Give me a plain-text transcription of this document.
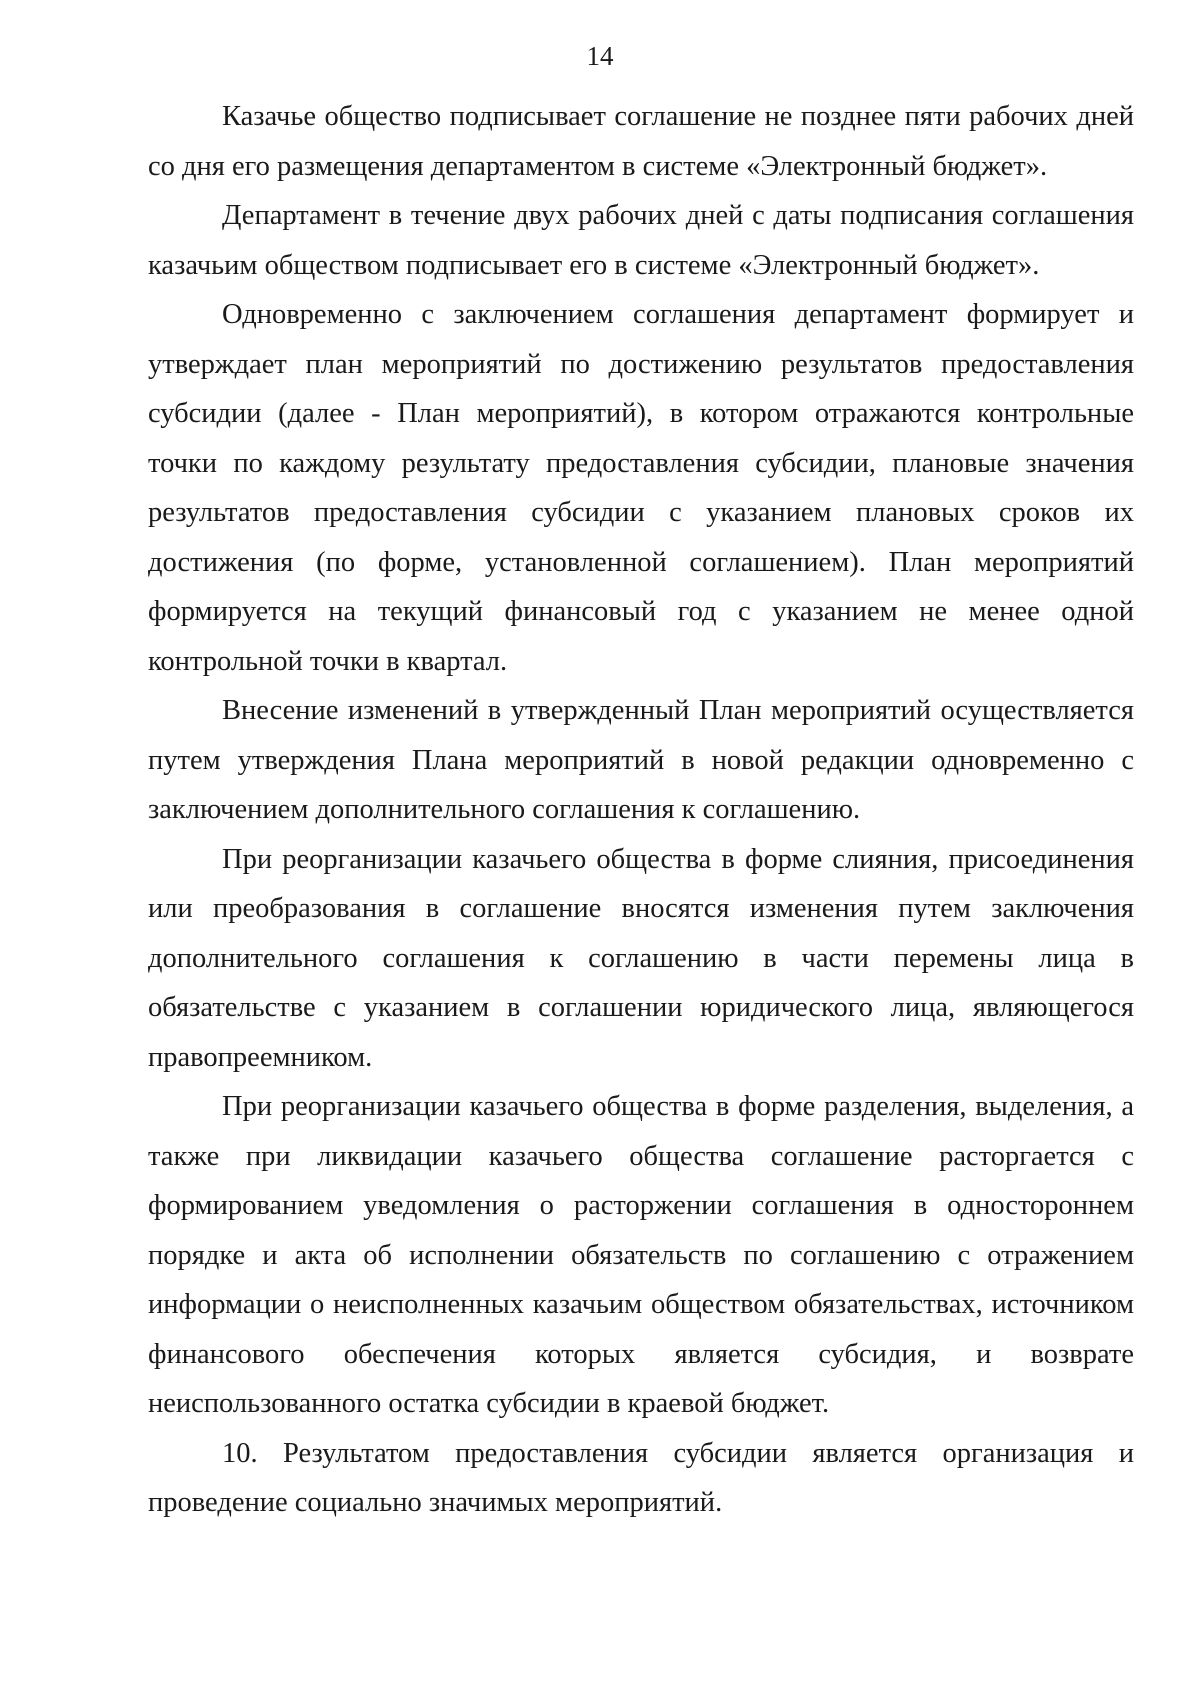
14

Казачье общество подписывает соглашение не позднее пяти рабочих дней со дня его размещения департаментом в системе «Электронный бюджет».

Департамент в течение двух рабочих дней с даты подписания соглашения казачьим обществом подписывает его в системе «Электронный бюджет».

Одновременно с заключением соглашения департамент формирует и утверждает план мероприятий по достижению результатов предоставления субсидии (далее - План мероприятий), в котором отражаются контрольные точки по каждому результату предоставления субсидии, плановые значения результатов предоставления субсидии с указанием плановых сроков их достижения (по форме, установленной соглашением). План мероприятий формируется на текущий финансовый год с указанием не менее одной контрольной точки в квартал.

Внесение изменений в утвержденный План мероприятий осуществляется путем утверждения Плана мероприятий в новой редакции одновременно с заключением дополнительного соглашения к соглашению.

При реорганизации казачьего общества в форме слияния, присоединения или преобразования в соглашение вносятся изменения путем заключения дополнительного соглашения к соглашению в части перемены лица в обязательстве с указанием в соглашении юридического лица, являющегося правопреемником.

При реорганизации казачьего общества в форме разделения, выделения, а также при ликвидации казачьего общества соглашение расторгается с формированием уведомления о расторжении соглашения в одностороннем порядке и акта об исполнении обязательств по соглашению с отражением информации о неисполненных казачьим обществом обязательствах, источником финансового обеспечения которых является субсидия, и возврате неиспользованного остатка субсидии в краевой бюджет.

10. Результатом предоставления субсидии является организация и проведение социально значимых мероприятий.
